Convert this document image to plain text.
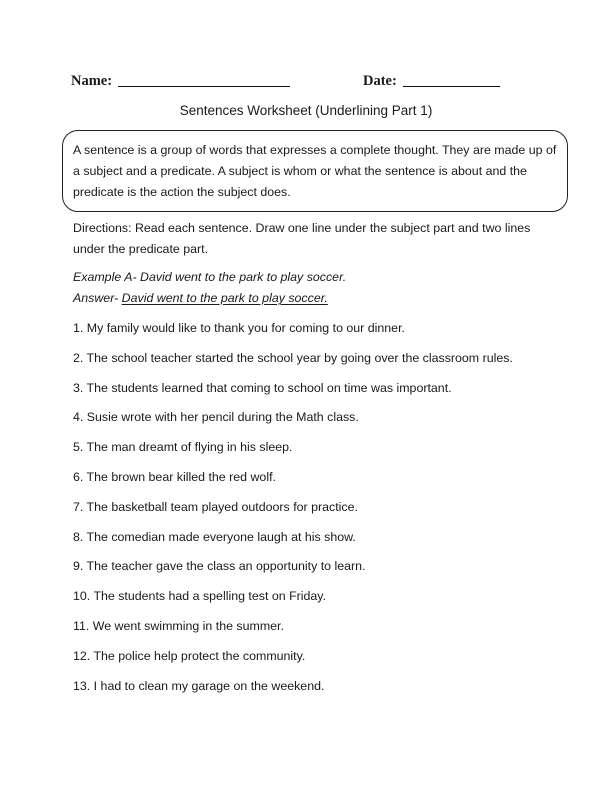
Name:	Date:
Sentences Worksheet (Underlining Part 1)
A sentence is a group of words that expresses a complete thought. They are made up of a subject and a predicate. A subject is whom or what the sentence is about and the predicate is the action the subject does.
Directions: Read each sentence. Draw one line under the subject part and two lines under the predicate part.
Example A- David went to the park to play soccer.
Answer- David went to the park to play soccer.
1. My family would like to thank you for coming to our dinner.
2. The school teacher started the school year by going over the classroom rules.
3. The students learned that coming to school on time was important.
4. Susie wrote with her pencil during the Math class.
5. The man dreamt of flying in his sleep.
6. The brown bear killed the red wolf.
7. The basketball team played outdoors for practice.
8. The comedian made everyone laugh at his show.
9. The teacher gave the class an opportunity to learn.
10. The students had a spelling test on Friday.
11. We went swimming in the summer.
12. The police help protect the community.
13. I had to clean my garage on the weekend.
